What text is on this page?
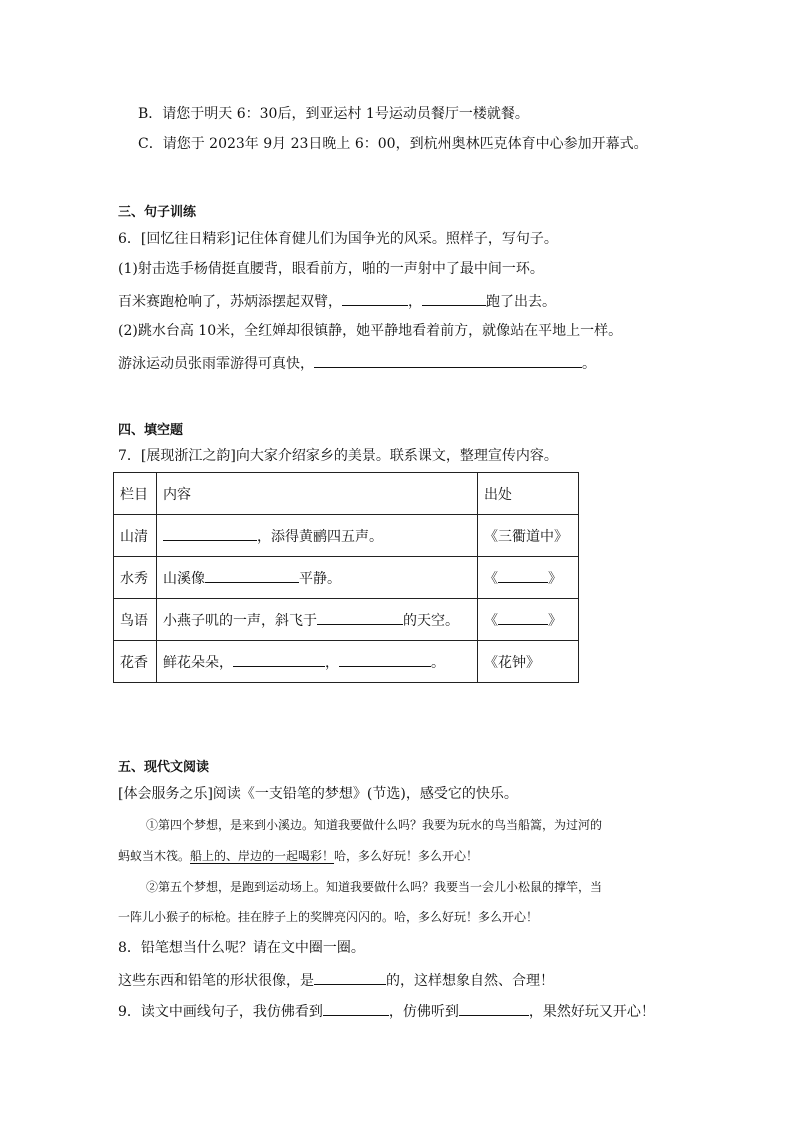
B．请您于明天 6：30后，到亚运村 1号运动员餐厅一楼就餐。
C．请您于 2023年 9月 23日晚上 6：00，到杭州奥林匹克体育中心参加开幕式。
三、句子训练
6．[回忆往日精彩]记住体育健儿们为国争光的风采。照样子，写句子。
(1)射击选手杨倩挺直腰背，眼看前方，啪的一声射中了最中间一环。
百米赛跑枪响了，苏炳添摆起双臂，	，	跑了出去。
(2)跳水台高 10米，全红婵却很镇静，她平静地看着前方，就像站在平地上一样。
游泳运动员张雨霏游得可真快，	。
四、填空题
7．[展现浙江之韵]向大家介绍家乡的美景。联系课文，整理宣传内容。
栏目	内容	出处
山清	，添得黄鹂四五声。	《三衢道中》
水秀	山溪像 平静。	《 》
鸟语	小燕子叽的一声，斜飞于 的天空。	《 》
花香	鲜花朵朵， ， 。	《花钟》
五、现代文阅读
[体会服务之乐]阅读《一支铅笔的梦想》(节选)，感受它的快乐。
①第四个梦想，是来到小溪边。知道我要做什么吗？我要为玩水的鸟当船篙，为过河的
蚂蚁当木筏。船上的、岸边的一起喝彩！哈，多么好玩！多么开心！
②第五个梦想，是跑到运动场上。知道我要做什么吗？我要当一会儿小松鼠的撑竿，当
一阵儿小猴子的标枪。挂在脖子上的奖牌亮闪闪的。哈，多么好玩！多么开心！
8．铅笔想当什么呢？请在文中圈一圈。
这些东西和铅笔的形状很像，是	的，这样想象自然、合理！
9．读文中画线句子，我仿佛看到	，仿佛听到	，果然好玩又开心！
